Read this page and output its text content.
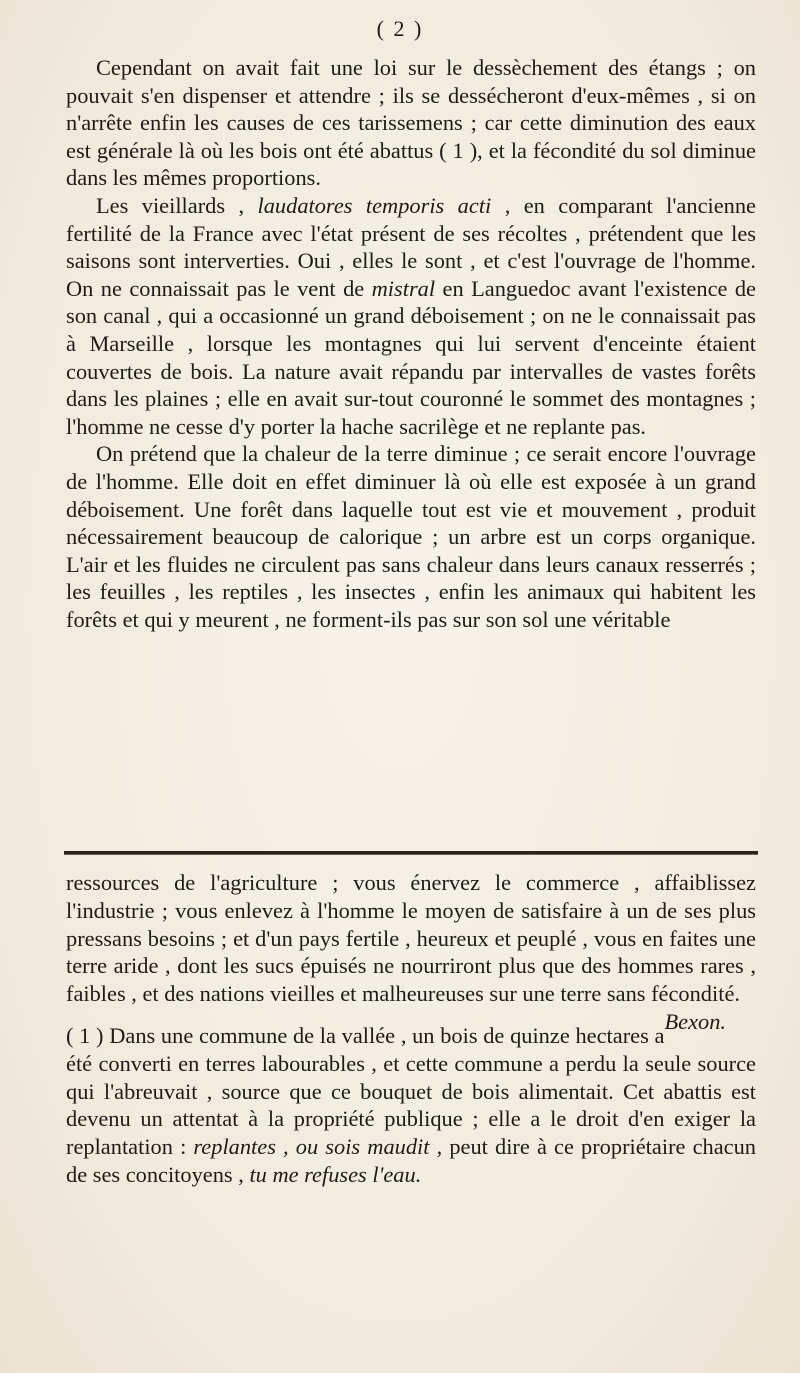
( 2 )

Cependant on avait fait une loi sur le dessèchement des étangs ; on pouvait s'en dispenser et attendre ; ils se dessécheront d'eux-mêmes , si on n'arrête enfin les causes de ces tarissemens ; car cette diminution des eaux est générale là où les bois ont été abattus ( 1 ), et la fécondité du sol diminue dans les mêmes proportions.

Les vieillards , laudatores temporis acti , en comparant l'ancienne fertilité de la France avec l'état présent de ses récoltes , prétendent que les saisons sont interverties. Oui , elles le sont , et c'est l'ouvrage de l'homme. On ne connaissait pas le vent de mistral en Languedoc avant l'existence de son canal , qui a occasionné un grand déboisement ; on ne le connaissait pas à Marseille , lorsque les montagnes qui lui servent d'enceinte étaient couvertes de bois. La nature avait répandu par intervalles de vastes forêts dans les plaines ; elle en avait sur-tout couronné le sommet des montagnes ; l'homme ne cesse d'y porter la hache sacrilège et ne replante pas.

On prétend que la chaleur de la terre diminue ; ce serait encore l'ouvrage de l'homme. Elle doit en effet diminuer là où elle est exposée à un grand déboisement. Une forêt dans laquelle tout est vie et mouvement , produit nécessairement beaucoup de calorique ; un arbre est un corps organique. L'air et les fluides ne circulent pas sans chaleur dans leurs canaux resserrés ; les feuilles , les reptiles , les insectes , enfin les animaux qui habitent les forêts et qui y meurent , ne forment-ils pas sur son sol une véritable

ressources de l'agriculture ; vous énervez le commerce , affaiblissez l'industrie ; vous enlevez à l'homme le moyen de satisfaire à un de ses plus pressans besoins ; et d'un pays fertile , heureux et peuplé , vous en faites une terre aride , dont les sucs épuisés ne nourriront plus que des hommes rares , faibles , et des nations vieilles et malheureuses sur une terre sans fécondité.
Bexon.

( 1 ) Dans une commune de la vallée , un bois de quinze hectares a été converti en terres labourables , et cette commune a perdu la seule source qui l'abreuvait , source que ce bouquet de bois alimentait. Cet abattis est devenu un attentat à la propriété publique ; elle a le droit d'en exiger la replantation : replantes , ou sois maudit , peut dire à ce propriétaire chacun de ses concitoyens , tu me refuses l'eau.
